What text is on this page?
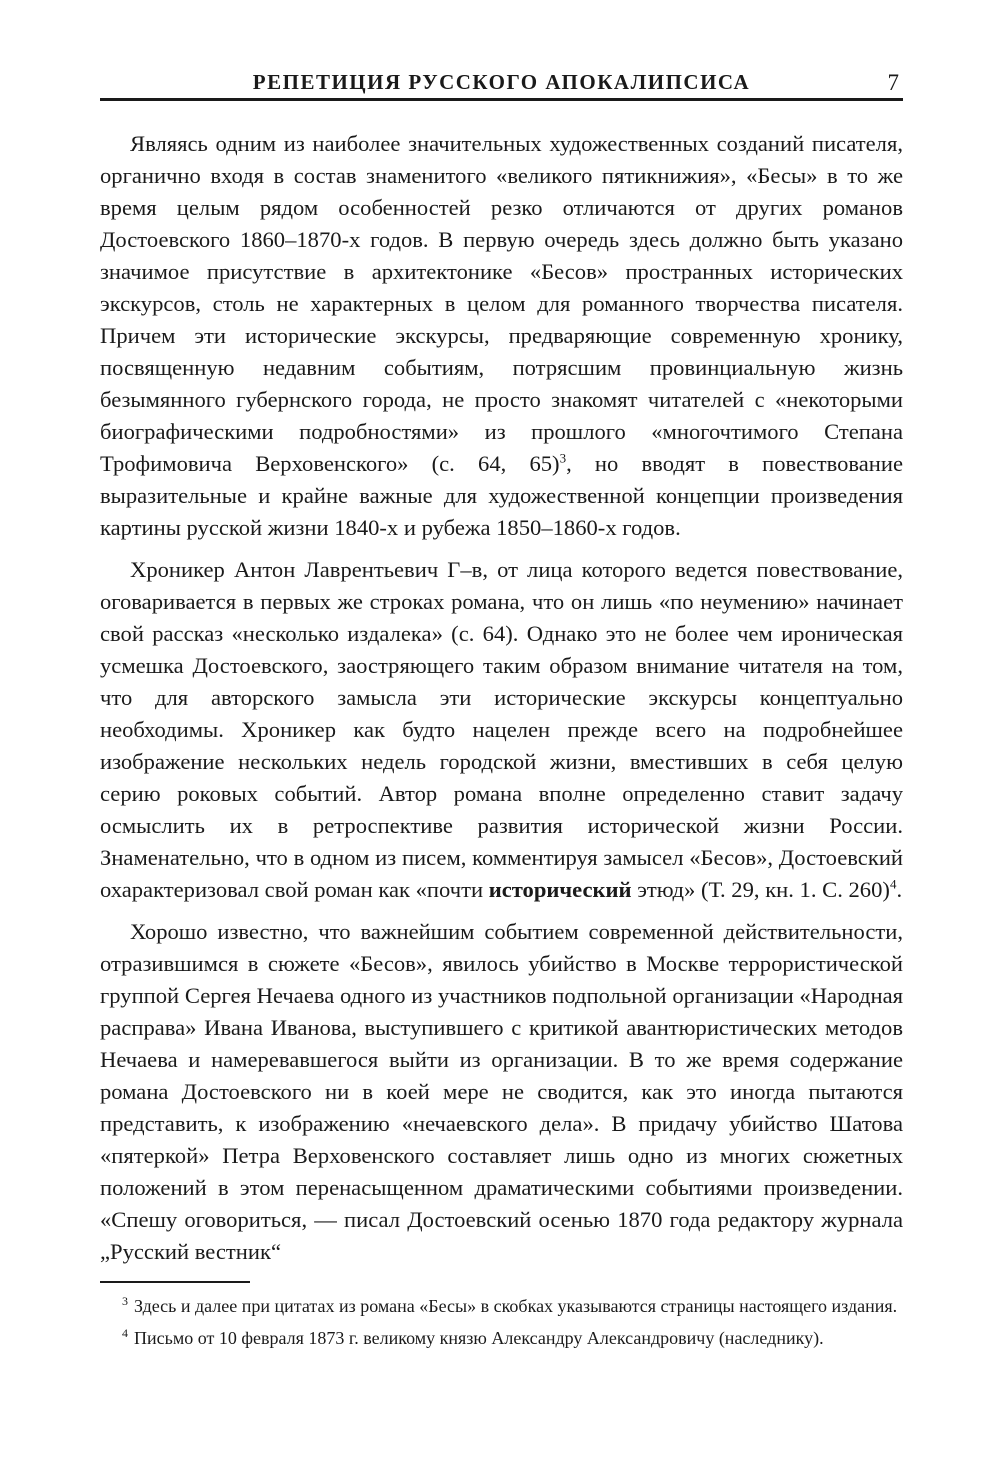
РЕПЕТИЦИЯ РУССКОГО АПОКАЛИПСИСА	7

Являясь одним из наиболее значительных художественных созданий писателя, органично входя в состав знаменитого «великого пятикнижия», «Бесы» в то же время целым рядом особенностей резко отличаются от других романов Достоевского 1860–1870-х годов. В первую очередь здесь должно быть указано значимое присутствие в архитектонике «Бесов» пространных исторических экскурсов, столь не характерных в целом для романного творчества писателя. Причем эти исторические экскурсы, предваряющие современную хронику, посвященную недавним событиям, потрясшим провинциальную жизнь безымянного губернского города, не просто знакомят читателей с «некоторыми биографическими подробностями» из прошлого «многочтимого Степана Трофимовича Верховенского» (с. 64, 65)$^3$, но вводят в повествование выразительные и крайне важные для художественной концепции произведения картины русской жизни 1840-х и рубежа 1850–1860-х годов.

Хроникер Антон Лаврентьевич Г–в, от лица которого ведется повествование, оговаривается в первых же строках романа, что он лишь «по неумению» начинает свой рассказ «несколько издалека» (с. 64). Однако это не более чем ироническая усмешка Достоевского, заостряющего таким образом внимание читателя на том, что для авторского замысла эти исторические экскурсы концептуально необходимы. Хроникер как будто нацелен прежде всего на подробнейшее изображение нескольких недель городской жизни, вместивших в себя целую серию роковых событий. Автор романа вполне определенно ставит задачу осмыслить их в ретроспективе развития исторической жизни России. Знаменательно, что в одном из писем, комментируя замысел «Бесов», Достоевский охарактеризовал свой роман как «почти исторический этюд» (Т. 29, кн. 1. С. 260)$^4$.

Хорошо известно, что важнейшим событием современной действительности, отразившимся в сюжете «Бесов», явилось убийство в Москве террористической группой Сергея Нечаева одного из участников подпольной организации «Народная расправа» Ивана Иванова, выступившего с критикой авантюристических методов Нечаева и намеревавшегося выйти из организации. В то же время содержание романа Достоевского ни в коей мере не сводится, как это иногда пытаются представить, к изображению «нечаевского дела». В придачу убийство Шатова «пятеркой» Петра Верховенского составляет лишь одно из многих сюжетных положений в этом перенасыщенном драматическими событиями произведении. «Спешу оговориться, — писал Достоевский осенью 1870 года редактору журнала „Русский вестник“

$^3$ Здесь и далее при цитатах из романа «Бесы» в скобках указываются страницы настоящего издания.
$^4$ Письмо от 10 февраля 1873 г. великому князю Александру Александровичу (наследнику).
